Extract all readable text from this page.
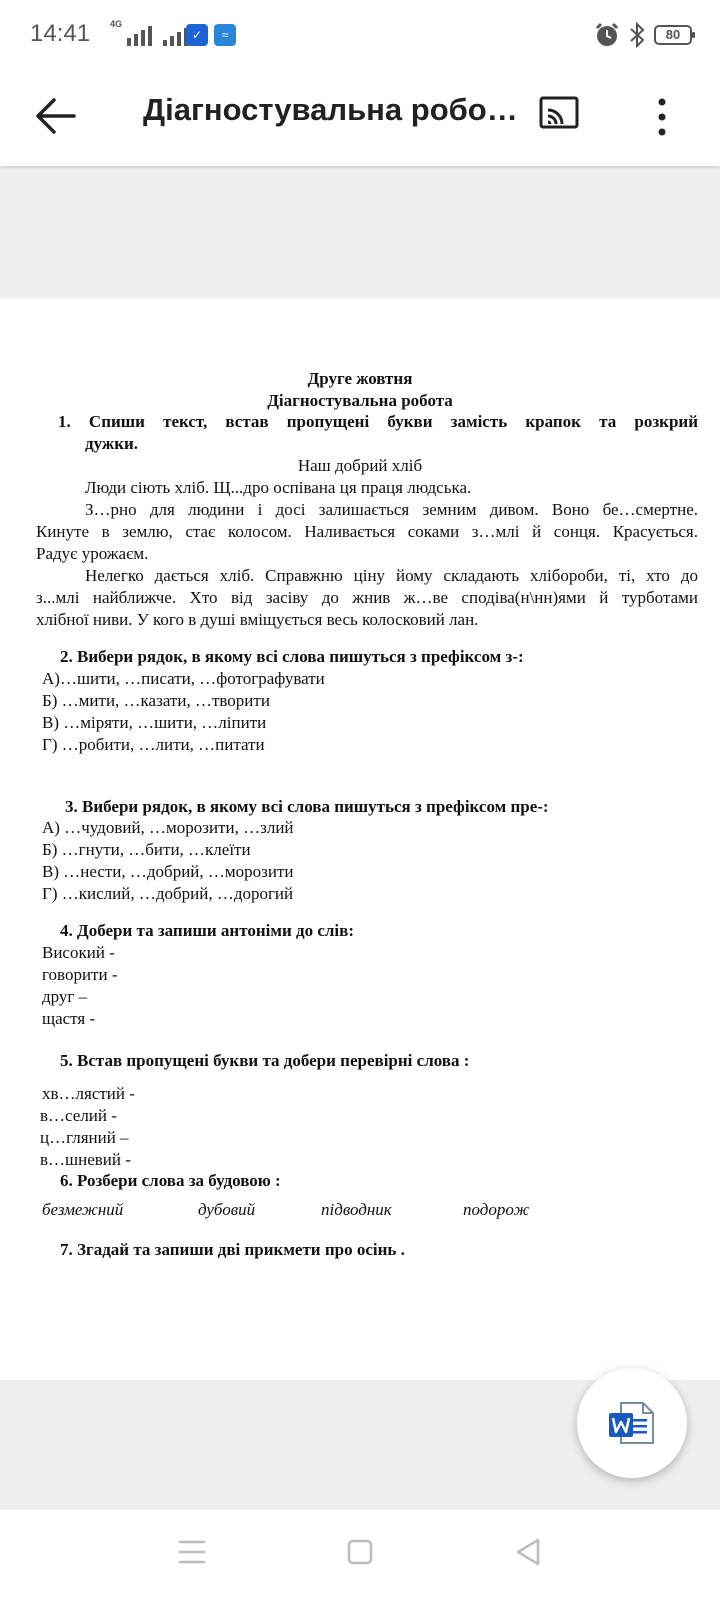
14:41 4G
✓	≈	80
Діагностувальна робо…
Друге жовтня
Діагностувальна робота
1. Спиши текст, встав пропущені букви замість крапок та розкрий
дужки.
Наш добрий хліб
Люди сіють хліб. Щ...дро оспівана ця праця людська.
З…рно для людини і досі залишається земним дивом. Воно бе…смертне.
Кинуте в землю, стає колосом. Наливається соками з…млі й сонця. Красується.
Радує урожаєм.
Нелегко дається хліб. Справжню ціну йому складають хлібороби, ті, хто до
з...млі найближче. Хто від засіву до жнив ж…ве сподіва(н\нн)ями й турботами
хлібної ниви. У кого в душі вміщується весь колосковий лан.
2. Вибери рядок, в якому всі слова пишуться з префіксом з-:
А)…шити, …писати, …фотографувати
Б) …мити, …казати, …творити
В) …міряти, …шити, …ліпити
Г) …робити, …лити, …питати
3. Вибери рядок, в якому всі слова пишуться з префіксом пре-:
А) …чудовий, …морозити, …злий
Б) …гнути, …бити, …клеїти
В) …нести, …добрий, …морозити
Г) …кислий, …добрий, …дорогий
4. Добери та запиши антоніми до слів:
Високий -
говорити -
друг –
щастя -
5. Встав пропущені букви та добери перевірні слова :
хв…лястий -
в…селий -
ц…гляний –
в…шневий -
6. Розбери слова за будовою :
безмежний	дубовий	підводник	подорож
7. Згадай та запиши дві прикмети про осінь .
